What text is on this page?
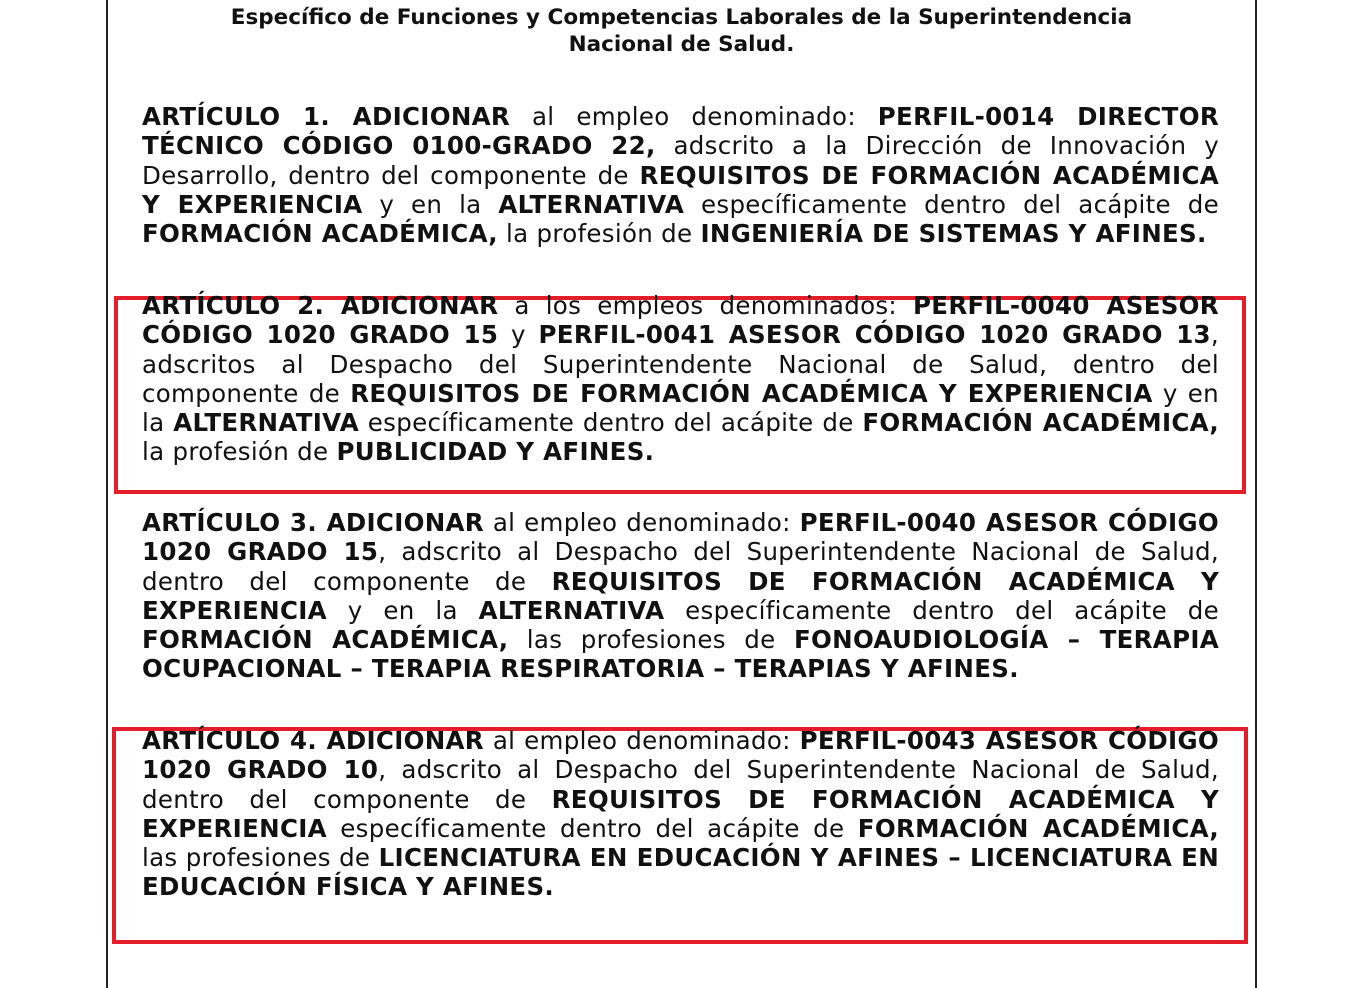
Específico de Funciones y Competencias Laborales de la Superintendencia
Nacional de Salud.

ARTÍCULO 1. ADICIONAR al empleo denominado: PERFIL-0014 DIRECTOR TÉCNICO CÓDIGO 0100-GRADO 22, adscrito a la Dirección de Innovación y Desarrollo, dentro del componente de REQUISITOS DE FORMACIÓN ACADÉMICA Y EXPERIENCIA y en la ALTERNATIVA específicamente dentro del acápite de FORMACIÓN ACADÉMICA, la profesión de INGENIERÍA DE SISTEMAS Y AFINES.

ARTÍCULO 2. ADICIONAR a los empleos denominados: PERFIL-0040 ASESOR CÓDIGO 1020 GRADO 15 y PERFIL-0041 ASESOR CÓDIGO 1020 GRADO 13, adscritos al Despacho del Superintendente Nacional de Salud, dentro del componente de REQUISITOS DE FORMACIÓN ACADÉMICA Y EXPERIENCIA y en la ALTERNATIVA específicamente dentro del acápite de FORMACIÓN ACADÉMICA, la profesión de PUBLICIDAD Y AFINES.

ARTÍCULO 3. ADICIONAR al empleo denominado: PERFIL-0040 ASESOR CÓDIGO 1020 GRADO 15, adscrito al Despacho del Superintendente Nacional de Salud, dentro del componente de REQUISITOS DE FORMACIÓN ACADÉMICA Y EXPERIENCIA y en la ALTERNATIVA específicamente dentro del acápite de FORMACIÓN ACADÉMICA, las profesiones de FONOAUDIOLOGÍA – TERAPIA OCUPACIONAL – TERAPIA RESPIRATORIA – TERAPIAS Y AFINES.

ARTÍCULO 4. ADICIONAR al empleo denominado: PERFIL-0043 ASESOR CÓDIGO 1020 GRADO 10, adscrito al Despacho del Superintendente Nacional de Salud, dentro del componente de REQUISITOS DE FORMACIÓN ACADÉMICA Y EXPERIENCIA específicamente dentro del acápite de FORMACIÓN ACADÉMICA, las profesiones de LICENCIATURA EN EDUCACIÓN Y AFINES – LICENCIATURA EN EDUCACIÓN FÍSICA Y AFINES.
